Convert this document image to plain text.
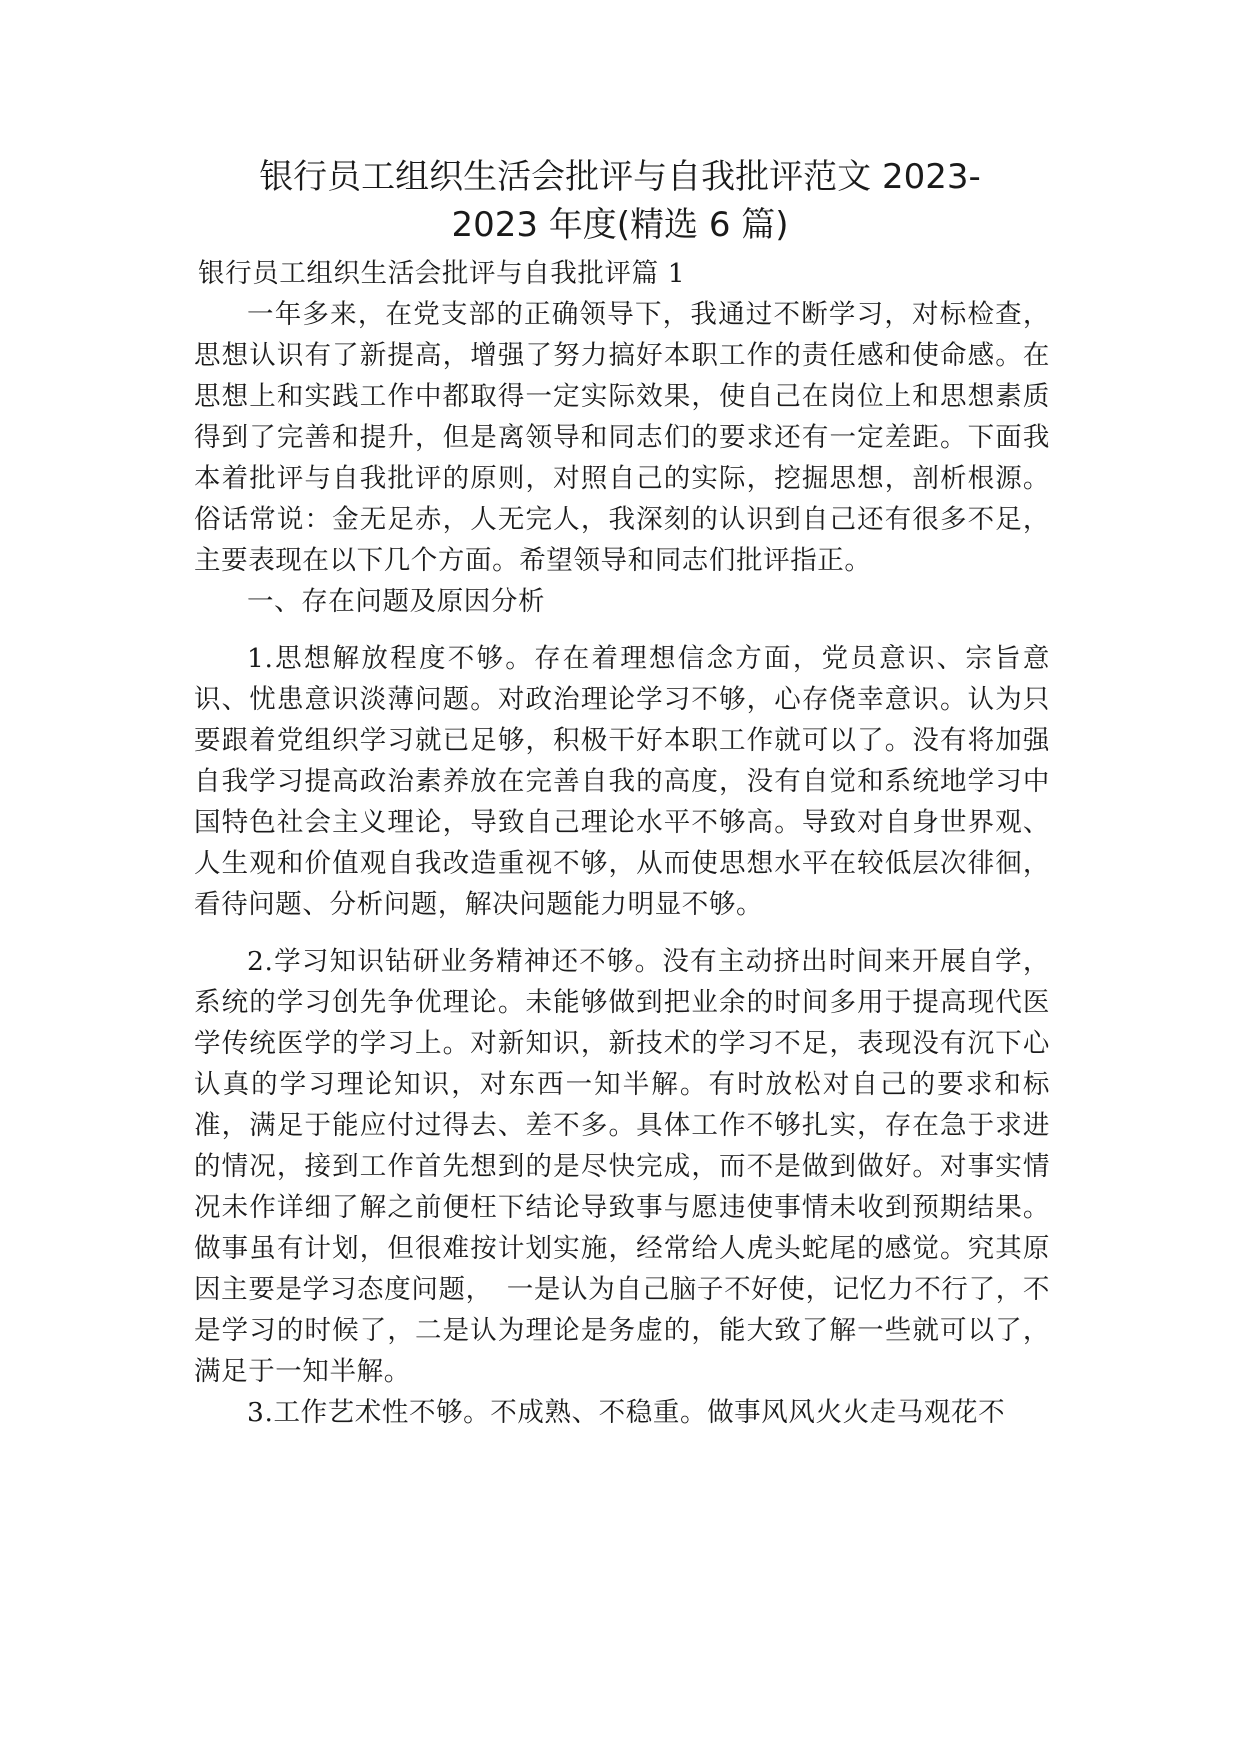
银行员工组织生活会批评与自我批评范文 2023-
2023 年度(精选 6 篇)

银行员工组织生活会批评与自我批评篇 1

一年多来，在党支部的正确领导下，我通过不断学习，对标检查，思想认识有了新提高，增强了努力搞好本职工作的责任感和使命感。在思想上和实践工作中都取得一定实际效果，使自己在岗位上和思想素质得到了完善和提升，但是离领导和同志们的要求还有一定差距。下面我本着批评与自我批评的原则，对照自己的实际，挖掘思想，剖析根源。俗话常说：金无足赤，人无完人，我深刻的认识到自己还有很多不足，主要表现在以下几个方面。希望领导和同志们批评指正。

一、存在问题及原因分析

1.思想解放程度不够。存在着理想信念方面，党员意识、宗旨意识、忧患意识淡薄问题。对政治理论学习不够，心存侥幸意识。认为只要跟着党组织学习就已足够，积极干好本职工作就可以了。没有将加强自我学习提高政治素养放在完善自我的高度，没有自觉和系统地学习中国特色社会主义理论，导致自己理论水平不够高。导致对自身世界观、人生观和价值观自我改造重视不够，从而使思想水平在较低层次徘徊，看待问题、分析问题，解决问题能力明显不够。

2.学习知识钻研业务精神还不够。没有主动挤出时间来开展自学，系统的学习创先争优理论。未能够做到把业余的时间多用于提高现代医学传统医学的学习上。对新知识，新技术的学习不足，表现没有沉下心认真的学习理论知识，对东西一知半解。有时放松对自己的要求和标准，满足于能应付过得去、差不多。具体工作不够扎实，存在急于求进的情况，接到工作首先想到的是尽快完成，而不是做到做好。对事实情况未作详细了解之前便枉下结论导致事与愿违使事情未收到预期结果。做事虽有计划，但很难按计划实施，经常给人虎头蛇尾的感觉。究其原因主要是学习态度问题，　一是认为自己脑子不好使，记忆力不行了，不是学习的时候了，二是认为理论是务虚的，能大致了解一些就可以了，满足于一知半解。

3.工作艺术性不够。不成熟、不稳重。做事风风火火走马观花不
